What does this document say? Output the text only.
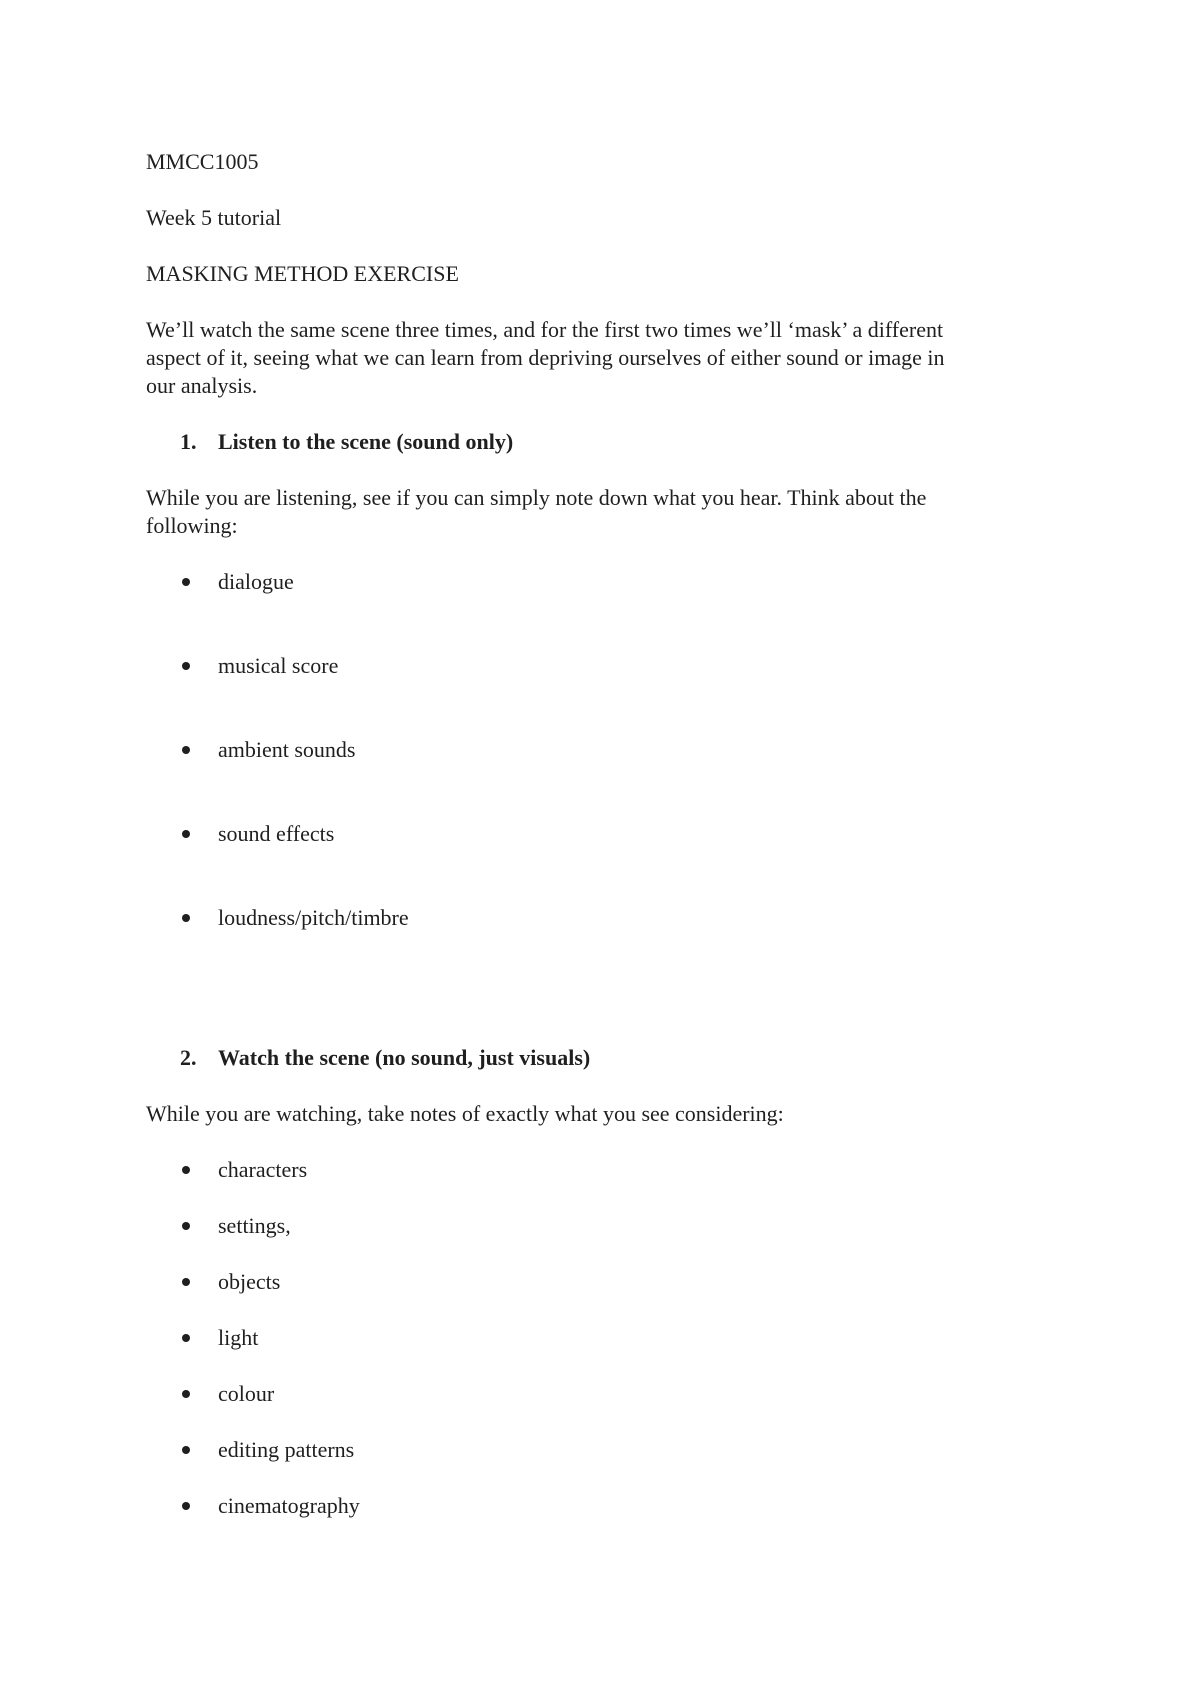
MMCC1005
Week 5 tutorial
MASKING METHOD EXERCISE
We’ll watch the same scene three times, and for the first two times we’ll ‘mask’ a different
aspect of it, seeing what we can learn from depriving ourselves of either sound or image in
our analysis.
1. Listen to the scene (sound only)
While you are listening, see if you can simply note down what you hear. Think about the
following:
dialogue
musical score
ambient sounds
sound effects
loudness/pitch/timbre
2. Watch the scene (no sound, just visuals)
While you are watching, take notes of exactly what you see considering:
characters
settings,
objects
light
colour
editing patterns
cinematography
